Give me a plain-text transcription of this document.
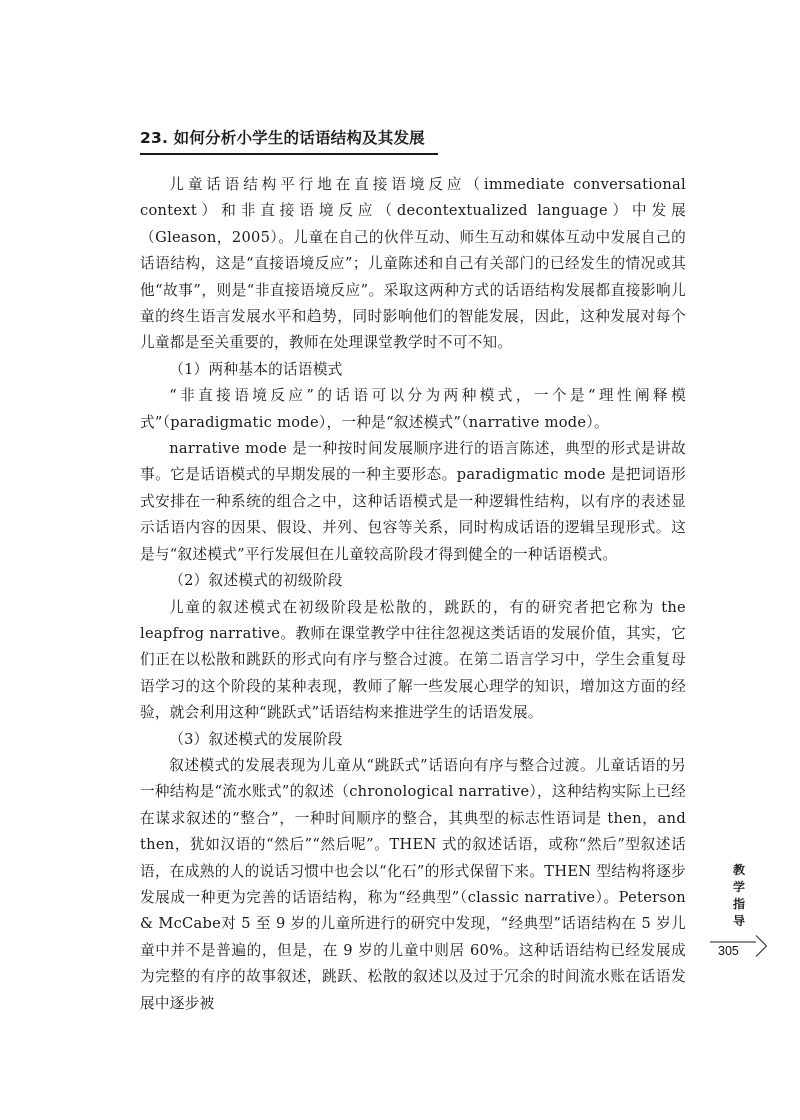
23. 如何分析小学生的话语结构及其发展

儿童话语结构平行地在直接语境反应（immediate conversational context）和非直接语境反应（decontextualized language）中发展（Gleason，2005）。儿童在自己的伙伴互动、师生互动和媒体互动中发展自己的话语结构，这是“直接语境反应”；儿童陈述和自己有关部门的已经发生的情况或其他“故事”，则是“非直接语境反应”。采取这两种方式的话语结构发展都直接影响儿童的终生语言发展水平和趋势，同时影响他们的智能发展，因此，这种发展对每个儿童都是至关重要的，教师在处理课堂教学时不可不知。

（1）两种基本的话语模式

“非直接语境反应”的话语可以分为两种模式，一个是“理性阐释模式”（paradigmatic mode），一种是“叙述模式”（narrative mode）。

narrative mode 是一种按时间发展顺序进行的语言陈述，典型的形式是讲故事。它是话语模式的早期发展的一种主要形态。paradigmatic mode 是把词语形式安排在一种系统的组合之中，这种话语模式是一种逻辑性结构，以有序的表述显示话语内容的因果、假设、并列、包容等关系，同时构成话语的逻辑呈现形式。这是与“叙述模式”平行发展但在儿童较高阶段才得到健全的一种话语模式。

（2）叙述模式的初级阶段

儿童的叙述模式在初级阶段是松散的，跳跃的，有的研究者把它称为 the leapfrog narrative。教师在课堂教学中往往忽视这类话语的发展价值，其实，它们正在以松散和跳跃的形式向有序与整合过渡。在第二语言学习中，学生会重复母语学习的这个阶段的某种表现，教师了解一些发展心理学的知识，增加这方面的经验，就会利用这种“跳跃式”话语结构来推进学生的话语发展。

（3）叙述模式的发展阶段

叙述模式的发展表现为儿童从“跳跃式”话语向有序与整合过渡。儿童话语的另一种结构是“流水账式”的叙述（chronological narrative），这种结构实际上已经在谋求叙述的“整合”，一种时间顺序的整合，其典型的标志性语词是 then，and then，犹如汉语的“然后”“然后呢”。THEN 式的叙述话语，或称“然后”型叙述话语，在成熟的人的说话习惯中也会以“化石”的形式保留下来。THEN 型结构将逐步发展成一种更为完善的话语结构，称为“经典型”（classic narrative）。Peterson & McCabe对 5 至 9 岁的儿童所进行的研究中发现，“经典型”话语结构在 5 岁儿童中并不是普遍的，但是，在 9 岁的儿童中则居 60%。这种话语结构已经发展成为完整的有序的故事叙述，跳跃、松散的叙述以及过于冗余的时间流水账在话语发展中逐步被

教
学
指
导
305
